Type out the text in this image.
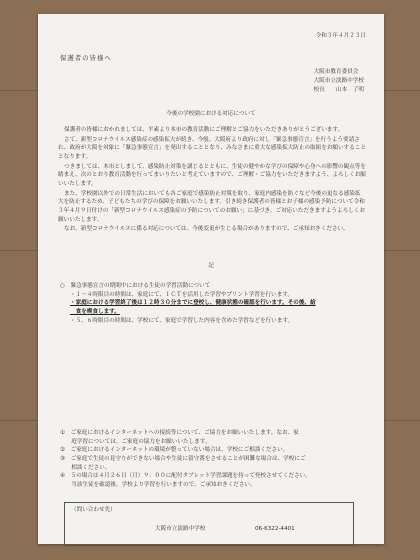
令和３年４月２３日
保護者の皆様へ
大阪市教育委員会
大阪市立淡路中学校
校長　　山本　了明
今後の学校園における対応について

保護者の皆様におかれましては、平素より本市の教育活動にご理解とご協力をいただきありがとうございます。

さて、新型コロナウイルス感染症の感染拡大が続き、今般、大阪府より政府に対し「緊急事態宣言」を行うよう要請され、政府が大阪を対象に「緊急事態宣言」を発出することとなり、みなさまに重大な感染拡大防止の取組をお願いすることとなります。

つきましては、本市としまして、感染防止対策を講じるとともに、生徒の健やかな学びの保障や心身への影響の観点等を踏まえ、次のとおり教育活動を行ってまいりたいと考えていますので、ご理解・ご協力をいただきますよう、よろしくお願いいたします。

また、学校園以外での日常生活においても各ご家庭で感染防止対策を取り、家庭内感染を防ぐなど今後の更なる感染拡大を防止するため、子どもたちの学びの保障をお願いいたします。引き続き保護者の皆様とお子様の感染予防について令和３年４月９日付けの「新型コロナウイルス感染症の予防についてのお願い」に基づき、ご対応いただきますようよろしくお願いいたします。

なお、新型コロナウイルスに係る対応については、今後変更が生じる場合がありますので、ご承知おきください。

記
○　緊急事態宣言の期間中における生徒の学習活動について
・１～４時限目の時間は、家庭にて、ＩＣＴを活用した学習やプリント学習を行います。
・家庭における学習終了後は１２時３０分までに登校し、健康状態の確認を行います。その後、給
　食を喫食します。
・５、６時限目の時間は、学校にて、家庭で学習した内容を含めた学習などを行います。
①　ご家庭におけるインターネットへの接続等について、ご協力をお願いいたします。なお、家
　　庭学習については、ご家庭の協力をお願いいたします。
②　ご家庭におけるインターネットの環境が整っていない場合は、学校にご相談ください。
③　ご家庭で生徒の見守りができない場合や生徒に留守番をさせることが困難な場合は、学校にご
　　相談ください。
④　５の場合は４月２６日（月）９：００に配付タブレット学習課題を持って登校させてください。
　　当該生徒を確認後、学校より学習を行いますので、ご承知おきください。
（問い合わせ先）
大阪市立淡路中学校	06-6322-4401
